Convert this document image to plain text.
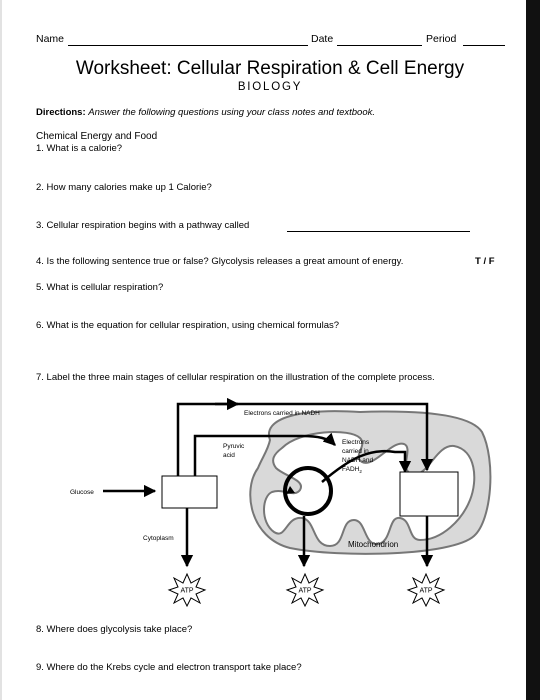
Name	Date	Period
Worksheet: Cellular Respiration & Cell Energy
BIOLOGY
Directions: Answer the following questions using your class notes and textbook.
Chemical Energy and Food
1. What is a calorie?
2. How many calories make up 1 Calorie?
3. Cellular respiration begins with a pathway called
4. Is the following sentence true or false? Glycolysis releases a great amount of energy.	T / F
5. What is cellular respiration?
6. What is the equation for cellular respiration, using chemical formulas?
7. Label the three main stages of cellular respiration on the illustration of the complete process.
Electrons carried in NADH
Pyruvic
acid
Electrons
carried in
NADH and
$FADH_2$
Glucose
Cytoplasm
Mitochondrion
ATP	ATP	ATP
8. Where does glycolysis take place?
9. Where do the Krebs cycle and electron transport take place?
